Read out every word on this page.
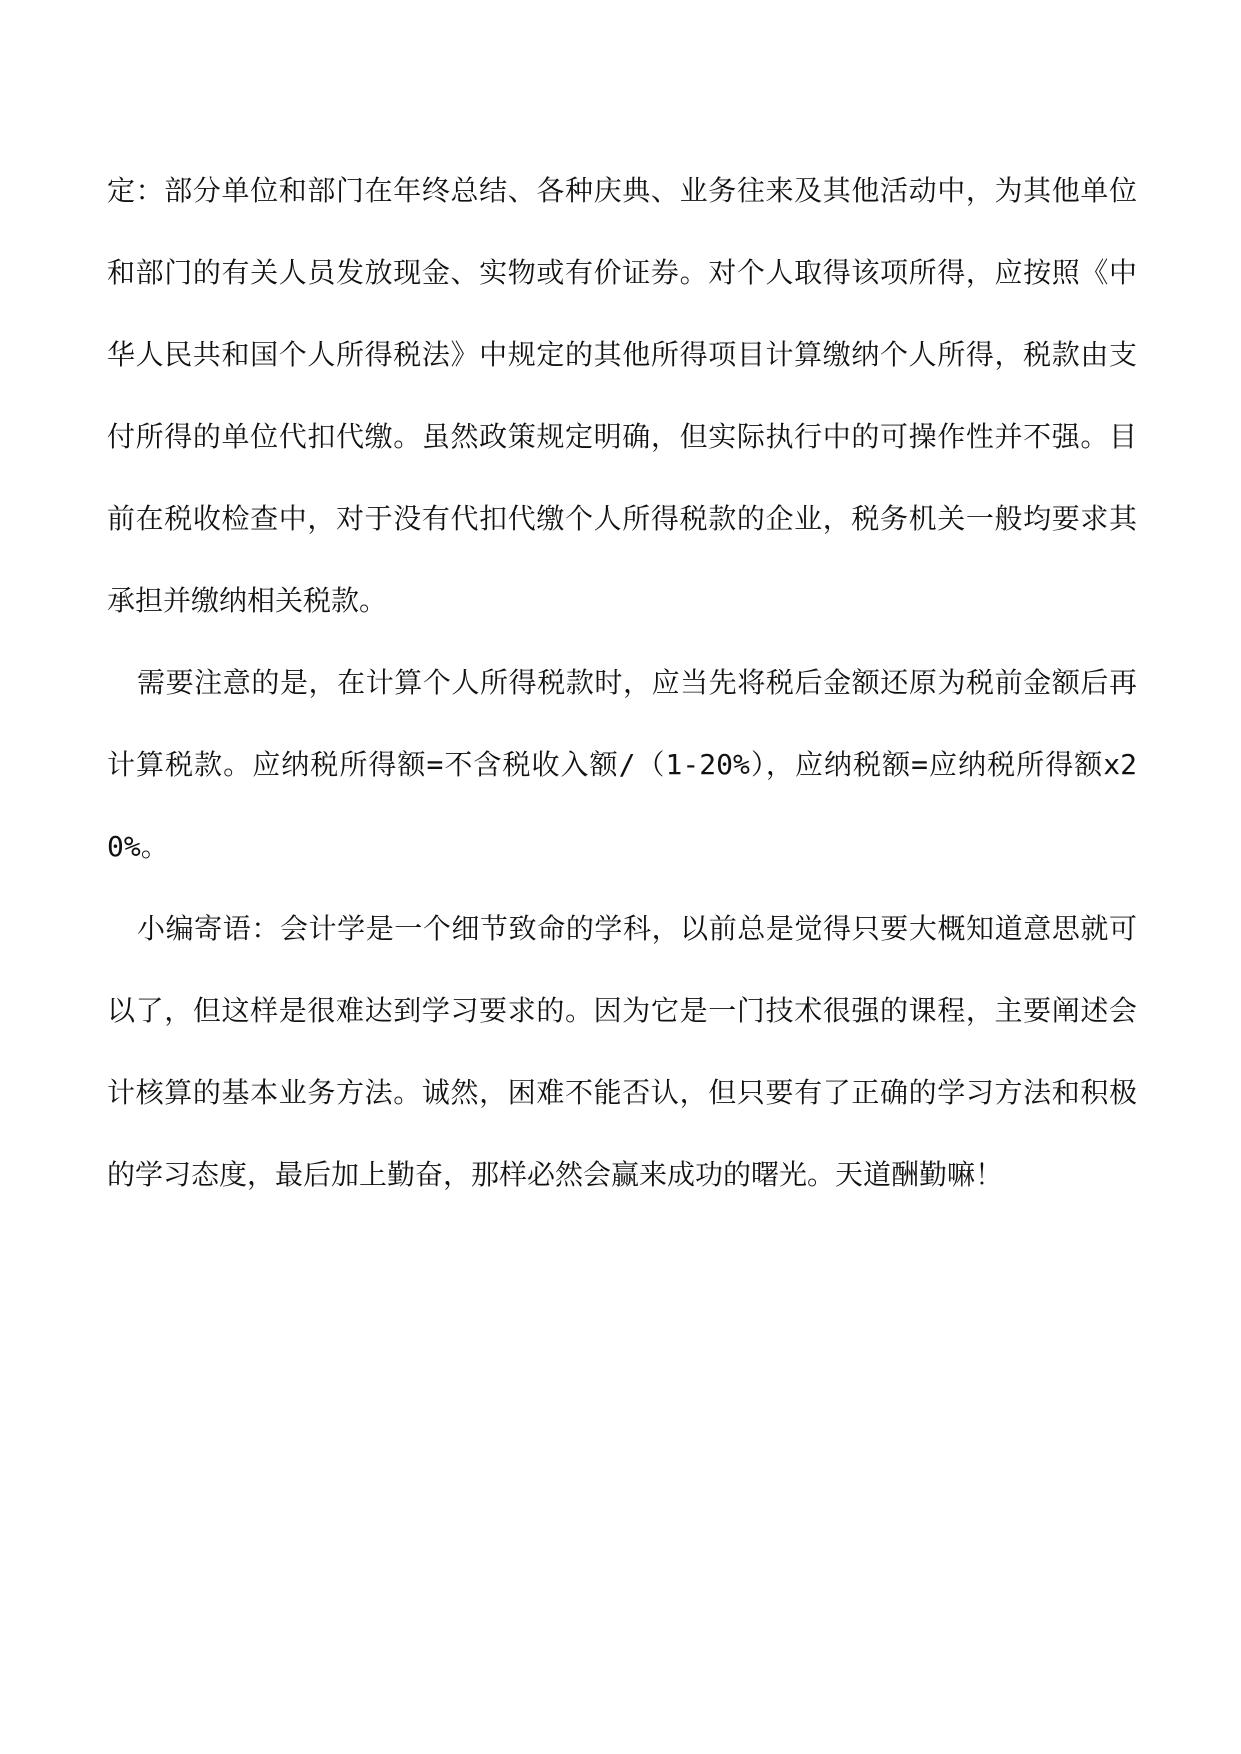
定：部分单位和部门在年终总结、各种庆典、业务往来及其他活动中，为其他单位和部门的有关人员发放现金、实物或有价证券。对个人取得该项所得，应按照《中华人民共和国个人所得税法》中规定的其他所得项目计算缴纳个人所得，税款由支付所得的单位代扣代缴。虽然政策规定明确，但实际执行中的可操作性并不强。目前在税收检查中，对于没有代扣代缴个人所得税款的企业，税务机关一般均要求其承担并缴纳相关税款。

需要注意的是，在计算个人所得税款时，应当先将税后金额还原为税前金额后再计算税款。应纳税所得额=不含税收入额/（1-20%），应纳税额=应纳税所得额x20%。

小编寄语：会计学是一个细节致命的学科，以前总是觉得只要大概知道意思就可以了，但这样是很难达到学习要求的。因为它是一门技术很强的课程，主要阐述会计核算的基本业务方法。诚然，困难不能否认，但只要有了正确的学习方法和积极的学习态度，最后加上勤奋，那样必然会赢来成功的曙光。天道酬勤嘛！
